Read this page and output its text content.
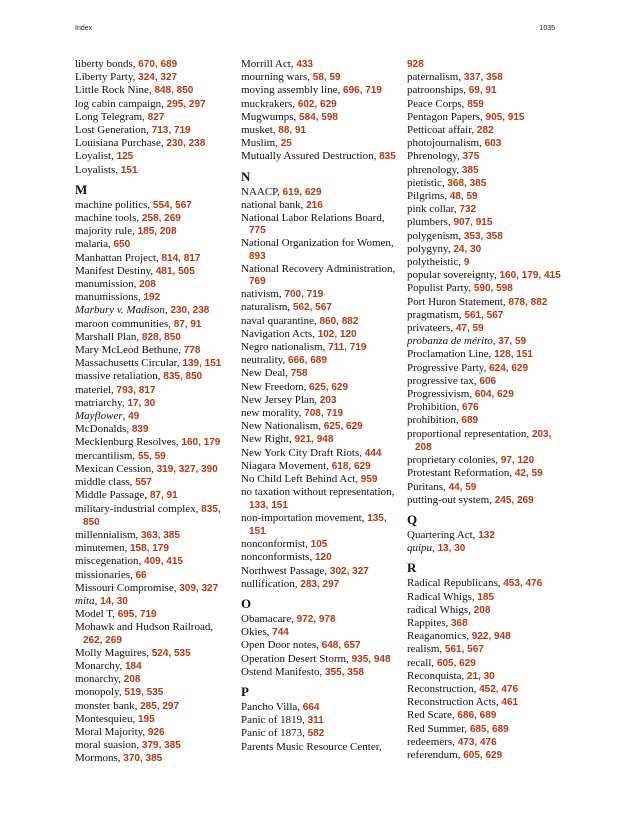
Index	1035

liberty bonds, 670, 689

Liberty Party, 324, 327

Little Rock Nine, 848, 850

log cabin campaign, 295, 297

Long Telegram, 827

Lost Generation, 713, 719

Louisiana Purchase, 230, 238

Loyalist, 125

Loyalists, 151

M

machine politics, 554, 567

machine tools, 258, 269

majority rule, 185, 208

malaria, 650

Manhattan Project, 814, 817

Manifest Destiny, 481, 505

manumission, 208

manumissions, 192

Marbury v. Madison, 230, 238

maroon communities, 87, 91

Marshall Plan, 828, 850

Mary McLeod Bethune, 778

Massachusetts Circular, 139, 151

massive retaliation, 835, 850

materiel, 793, 817

matriarchy, 17, 30

Mayflower, 49

McDonalds, 839

Mecklenburg Resolves, 160, 179

mercantilism, 55, 59

Mexican Cession, 319, 327, 390

middle class, 557

Middle Passage, 87, 91

military-industrial complex, 835, 850

millennialism, 363, 385

minutemen, 158, 179

miscegenation, 409, 415

missionaries, 66

Missouri Compromise, 309, 327

mita, 14, 30

Model T, 695, 719

Mohawk and Hudson Railroad, 262, 269

Molly Maguires, 524, 535

Monarchy, 184

monarchy, 208

monopoly, 519, 535

monster bank, 285, 297

Montesquieu, 195

Moral Majority, 926

moral suasion, 379, 385

Mormons, 370, 385

Morrill Act, 433

mourning wars, 58, 59

moving assembly line, 696, 719

muckrakers, 602, 629

Mugwumps, 584, 598

musket, 88, 91

Muslim, 25

Mutually Assured Destruction, 835

N

NAACP, 619, 629

national bank, 216

National Labor Relations Board, 775

National Organization for Women, 893

National Recovery Administration, 769

nativism, 700, 719

naturalism, 562, 567

naval quarantine, 860, 882

Navigation Acts, 102, 120

Negro nationalism, 711, 719

neutrality, 666, 689

New Deal, 758

New Freedom, 625, 629

New Jersey Plan, 203

new morality, 708, 719

New Nationalism, 625, 629

New Right, 921, 948

New York City Draft Riots, 444

Niagara Movement, 618, 629

No Child Left Behind Act, 959

no taxation without representation, 133, 151

non-importation movement, 135, 151

nonconformist, 105

nonconformists, 120

Northwest Passage, 302, 327

nullification, 283, 297

O

Obamacare, 972, 978

Okies, 744

Open Door notes, 648, 657

Operation Desert Storm, 935, 948

Ostend Manifesto, 355, 358

P

Pancho Villa, 664

Panic of 1819, 311

Panic of 1873, 582

Parents Music Resource Center,

928

paternalism, 337, 358

patroonships, 69, 91

Peace Corps, 859

Pentagon Papers, 905, 915

Petticoat affair, 282

photojournalism, 603

Phrenology, 375

phrenology, 385

pietistic, 368, 385

Pilgrims, 48, 59

pink collar, 732

plumbers, 907, 915

polygenism, 353, 358

polygyny, 24, 30

polytheistic, 9

popular sovereignty, 160, 179, 415

Populist Party, 590, 598

Port Huron Statement, 878, 882

pragmatism, 561, 567

privateers, 47, 59

probanza de mérito, 37, 59

Proclamation Line, 128, 151

Progressive Party, 624, 629

progressive tax, 606

Progressivism, 604, 629

Prohibition, 676

prohibition, 689

proportional representation, 203, 208

proprietary colonies, 97, 120

Protestant Reformation, 42, 59

Puritans, 44, 59

putting-out system, 245, 269

Q

Quartering Act, 132

quipu, 13, 30

R

Radical Republicans, 453, 476

Radical Whigs, 185

radical Whigs, 208

Rappites, 368

Reaganomics, 922, 948

realism, 561, 567

recall, 605, 629

Reconquista, 21, 30

Reconstruction, 452, 476

Reconstruction Acts, 461

Red Scare, 686, 689

Red Summer, 685, 689

redeemers, 473, 476

referendum, 605, 629
